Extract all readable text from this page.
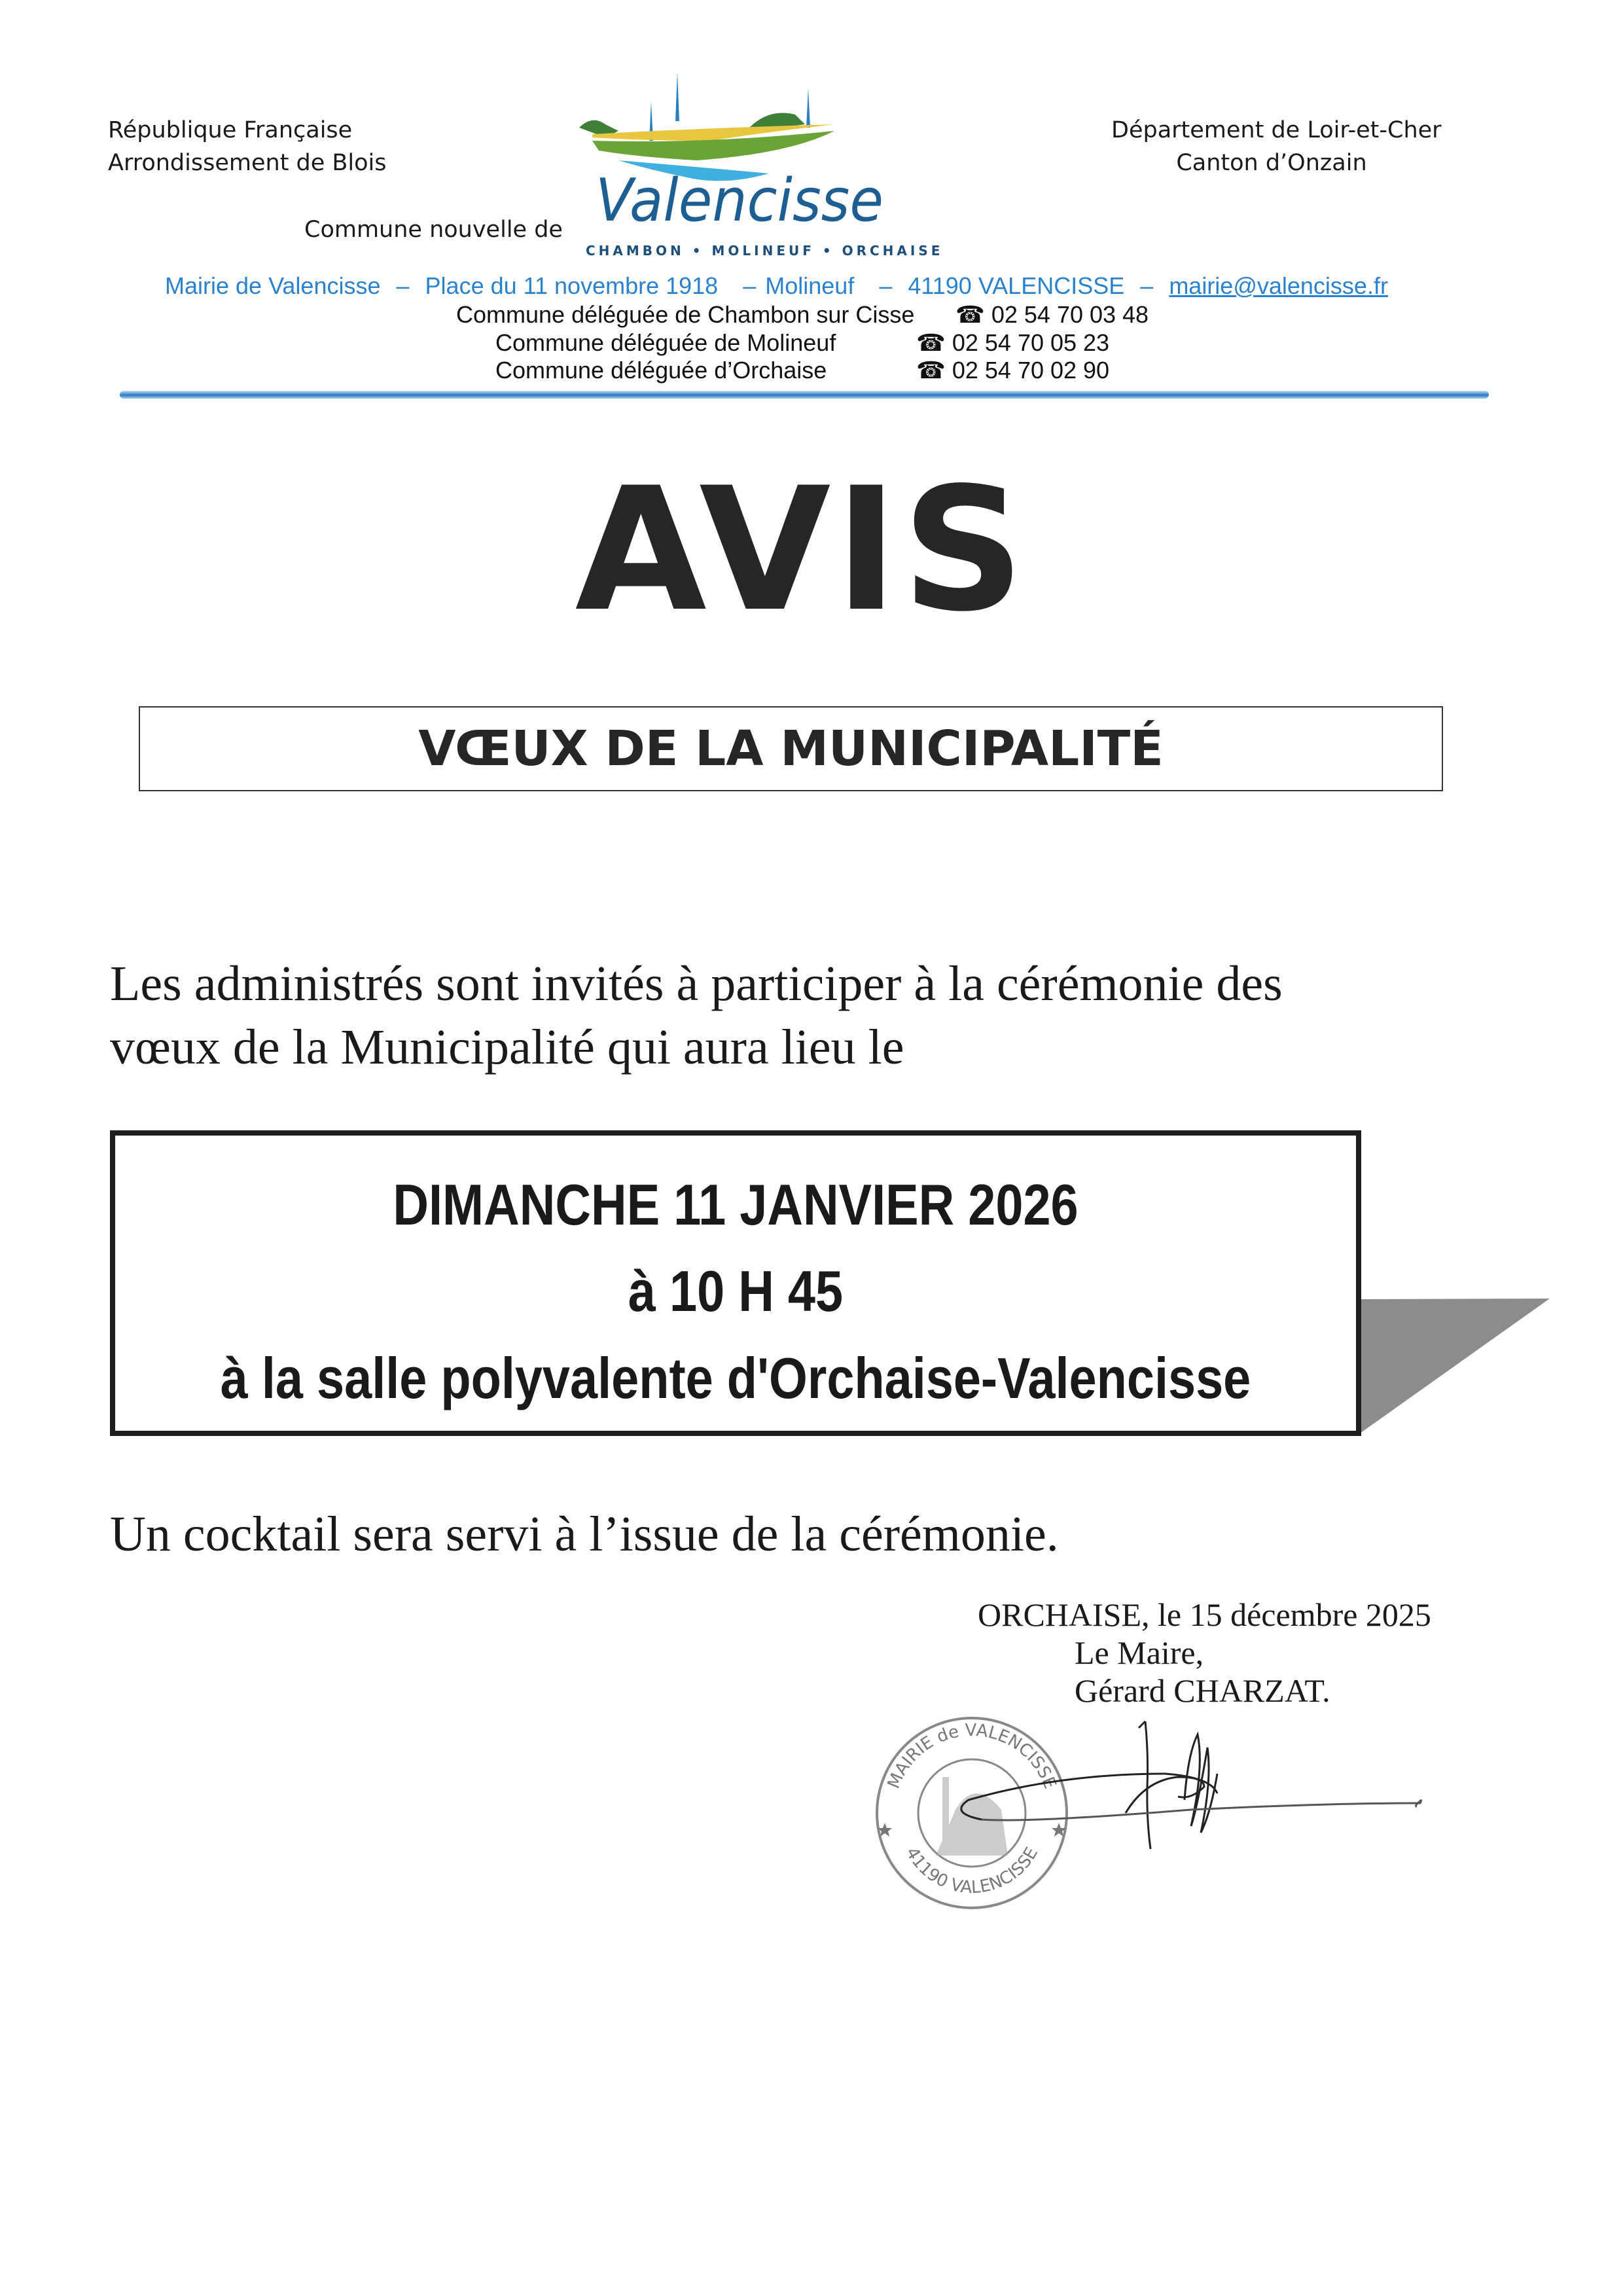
République Française
Arrondissement de Blois
Commune nouvelle de Valencisse
CHAMBON • MOLINEUF • ORCHAISE
Département de Loir-et-Cher
Canton d’Onzain
Mairie de Valencisse – Place du 11 novembre 1918 – Molineuf – 41190 VALENCISSE – mairie@valencisse.fr
Commune déléguée de Chambon sur Cisse ☎ 02 54 70 03 48
Commune déléguée de Molineuf	☎ 02 54 70 05 23
Commune déléguée d’Orchaise	☎ 02 54 70 02 90
AVIS
VŒUX DE LA MUNICIPALITÉ
Les administrés sont invités à participer à la cérémonie des
vœux de la Municipalité qui aura lieu le
DIMANCHE 11 JANVIER 2026
à 10 H 45
à la salle polyvalente d'Orchaise-Valencisse
Un cocktail sera servi à l’issue de la cérémonie.
ORCHAISE, le 15 décembre 2025
Le Maire,
Gérard CHARZAT.
MAIRIE de VALENCISSE
41190 VALENCISSE
